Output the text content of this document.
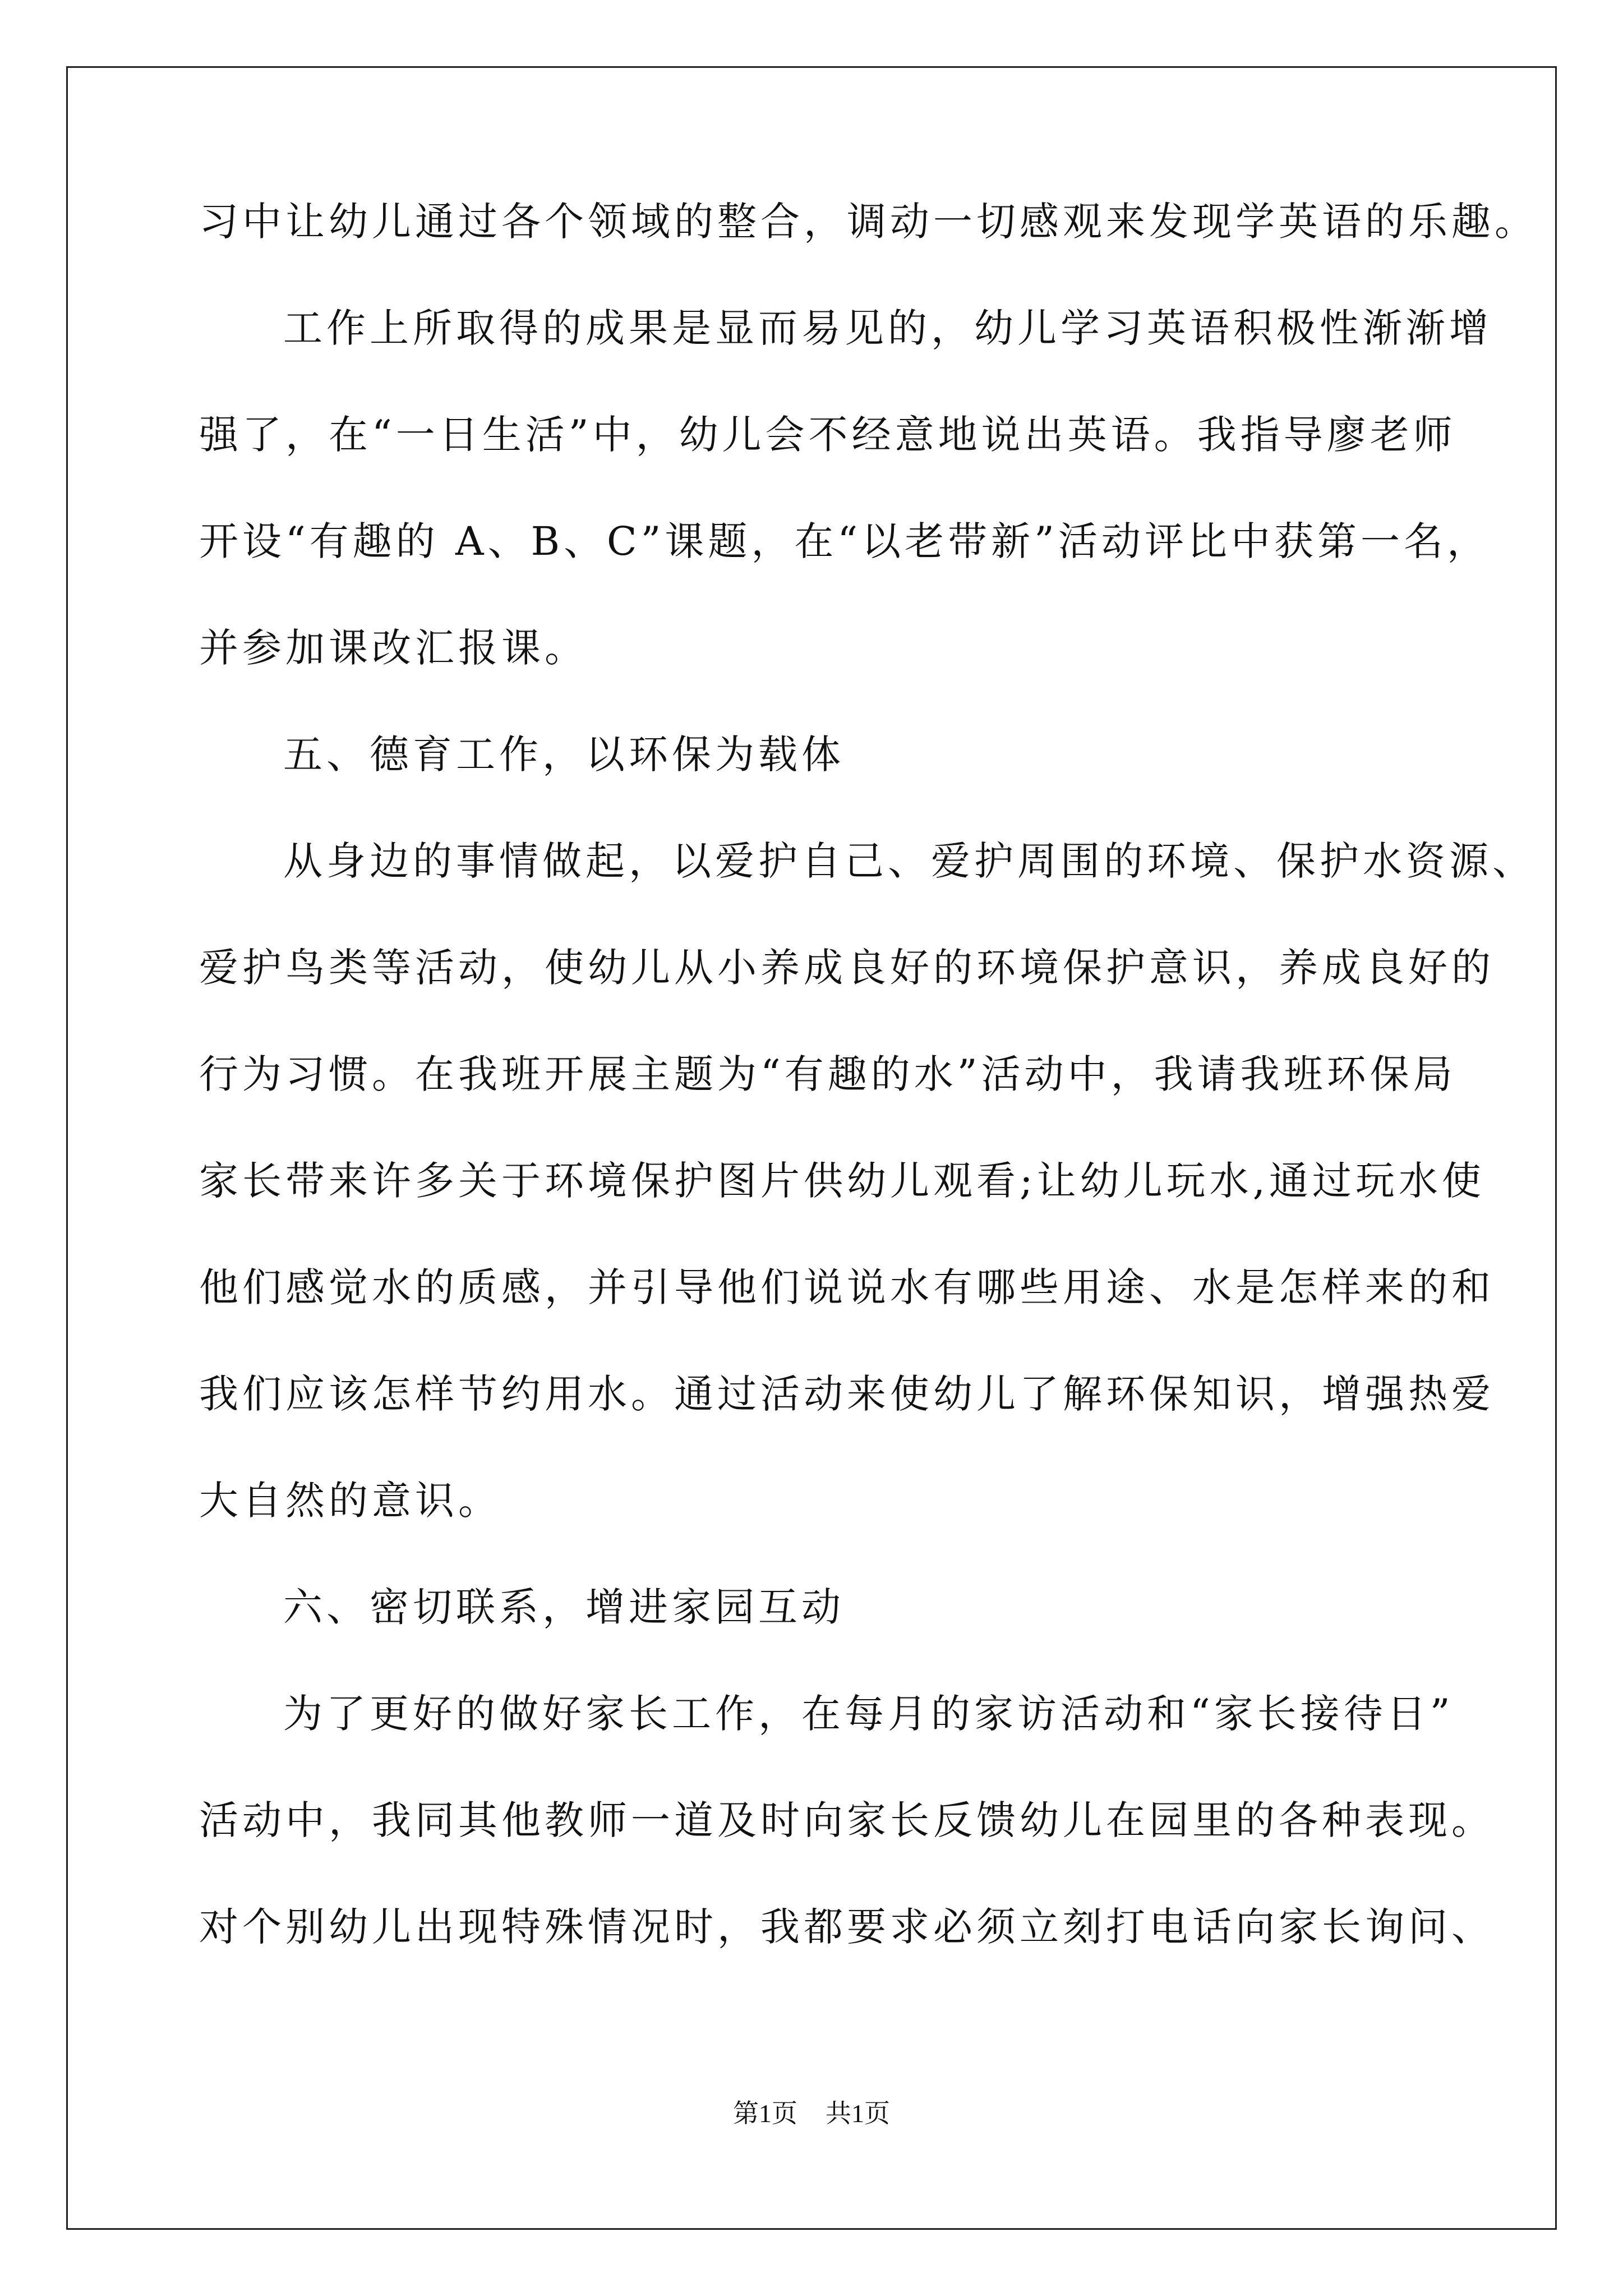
习中让幼儿通过各个领域的整合，调动一切感观来发现学英语的乐趣。
工作上所取得的成果是显而易见的，幼儿学习英语积极性渐渐增
强了，在“一日生活”中，幼儿会不经意地说出英语。我指导廖老师
开设“有趣的 A、B、C”课题，在“以老带新”活动评比中获第一名，
并参加课改汇报课。
五、德育工作，以环保为载体
从身边的事情做起，以爱护自己、爱护周围的环境、保护水资源、
爱护鸟类等活动，使幼儿从小养成良好的环境保护意识，养成良好的
行为习惯。在我班开展主题为“有趣的水”活动中，我请我班环保局
家长带来许多关于环境保护图片供幼儿观看;让幼儿玩水,通过玩水使
他们感觉水的质感，并引导他们说说水有哪些用途、水是怎样来的和
我们应该怎样节约用水。通过活动来使幼儿了解环保知识，增强热爱
大自然的意识。
六、密切联系，增进家园互动
为了更好的做好家长工作，在每月的家访活动和“家长接待日”
活动中，我同其他教师一道及时向家长反馈幼儿在园里的各种表现。
对个别幼儿出现特殊情况时，我都要求必须立刻打电话向家长询问、
第1页 共1页
